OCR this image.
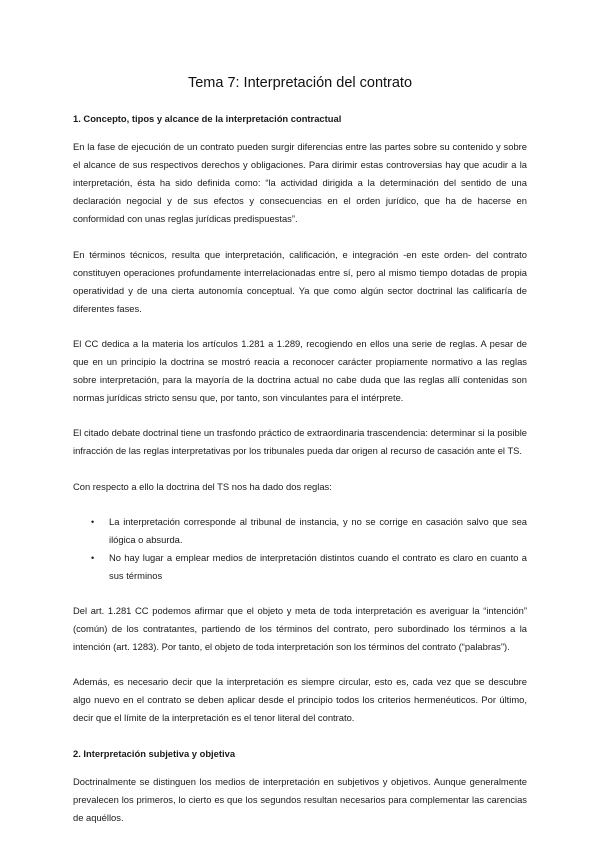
Tema 7: Interpretación del contrato

1. Concepto, tipos y alcance de la interpretación contractual

En la fase de ejecución de un contrato pueden surgir diferencias entre las partes sobre su contenido y sobre el alcance de sus respectivos derechos y obligaciones. Para dirimir estas controversias hay que acudir a la interpretación, ésta ha sido definida como: “la actividad dirigida a la determinación del sentido de una declaración negocial y de sus efectos y consecuencias en el orden jurídico, que ha de hacerse en conformidad con unas reglas jurídicas predispuestas”.

En términos técnicos, resulta que interpretación, calificación, e integración -en este orden- del contrato constituyen operaciones profundamente interrelacionadas entre sí, pero al mismo tiempo dotadas de propia operatividad y de una cierta autonomía conceptual. Ya que como algún sector doctrinal las calificaría de diferentes fases.

El CC dedica a la materia los artículos 1.281 a 1.289, recogiendo en ellos una serie de reglas. A pesar de que en un principio la doctrina se mostró reacia a reconocer carácter propiamente normativo a las reglas sobre interpretación, para la mayoría de la doctrina actual no cabe duda que las reglas allí contenidas son normas jurídicas stricto sensu que, por tanto, son vinculantes para el intérprete.

El citado debate doctrinal tiene un trasfondo práctico de extraordinaria trascendencia: determinar si la posible infracción de las reglas interpretativas por los tribunales pueda dar origen al recurso de casación ante el TS.

Con respecto a ello la doctrina del TS nos ha dado dos reglas:

• La interpretación corresponde al tribunal de instancia, y no se corrige en casación salvo que sea ilógica o absurda.
• No hay lugar a emplear medios de interpretación distintos cuando el contrato es claro en cuanto a sus términos

Del art. 1.281 CC podemos afirmar que el objeto y meta de toda interpretación es averiguar la “intención” (común) de los contratantes, partiendo de los términos del contrato, pero subordinado los términos a la intención (art. 1283). Por tanto, el objeto de toda interpretación son los términos del contrato (“palabras”).

Además, es necesario decir que la interpretación es siempre circular, esto es, cada vez que se descubre algo nuevo en el contrato se deben aplicar desde el principio todos los criterios hermenéuticos. Por último, decir que el límite de la interpretación es el tenor literal del contrato.

2. Interpretación subjetiva y objetiva

Doctrinalmente se distinguen los medios de interpretación en subjetivos y objetivos. Aunque generalmente prevalecen los primeros, lo cierto es que los segundos resultan necesarios para complementar las carencias de aquéllos.
